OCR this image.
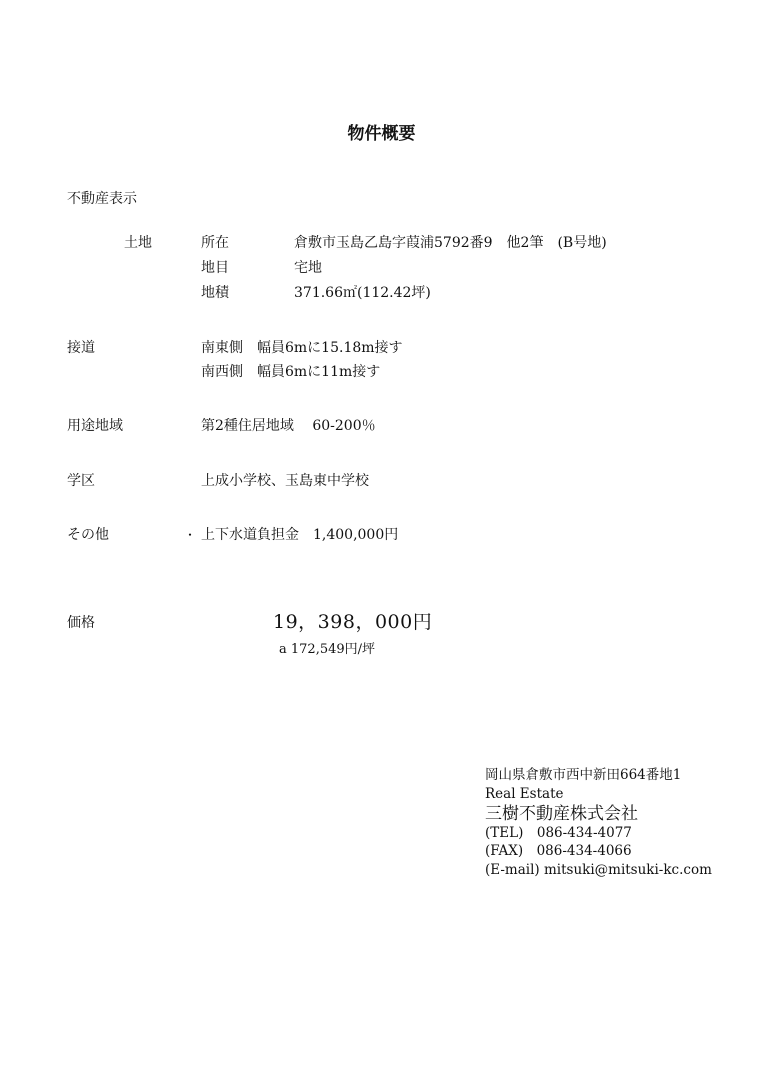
物件概要
不動産表示
土地	所在	倉敷市玉島乙島字葭浦5792番9　他2筆　(B号地)
地目	宅地
地積	371.66㎡(112.42坪)
接道	南東側　幅員6mに15.18m接す
南西側　幅員6mに11m接す
用途地域	第2種住居地域　 60-200％
学区	上成小学校、玉島東中学校
その他	・ 上下水道負担金　1,400,000円
価格	19，398，000円
a 172,549円/坪
岡山県倉敷市西中新田664番地1
Real Estate
三樹不動産株式会社
(TEL)　086-434-4077
(FAX)　086-434-4066
(E-mail) mitsuki@mitsuki-kc.com
